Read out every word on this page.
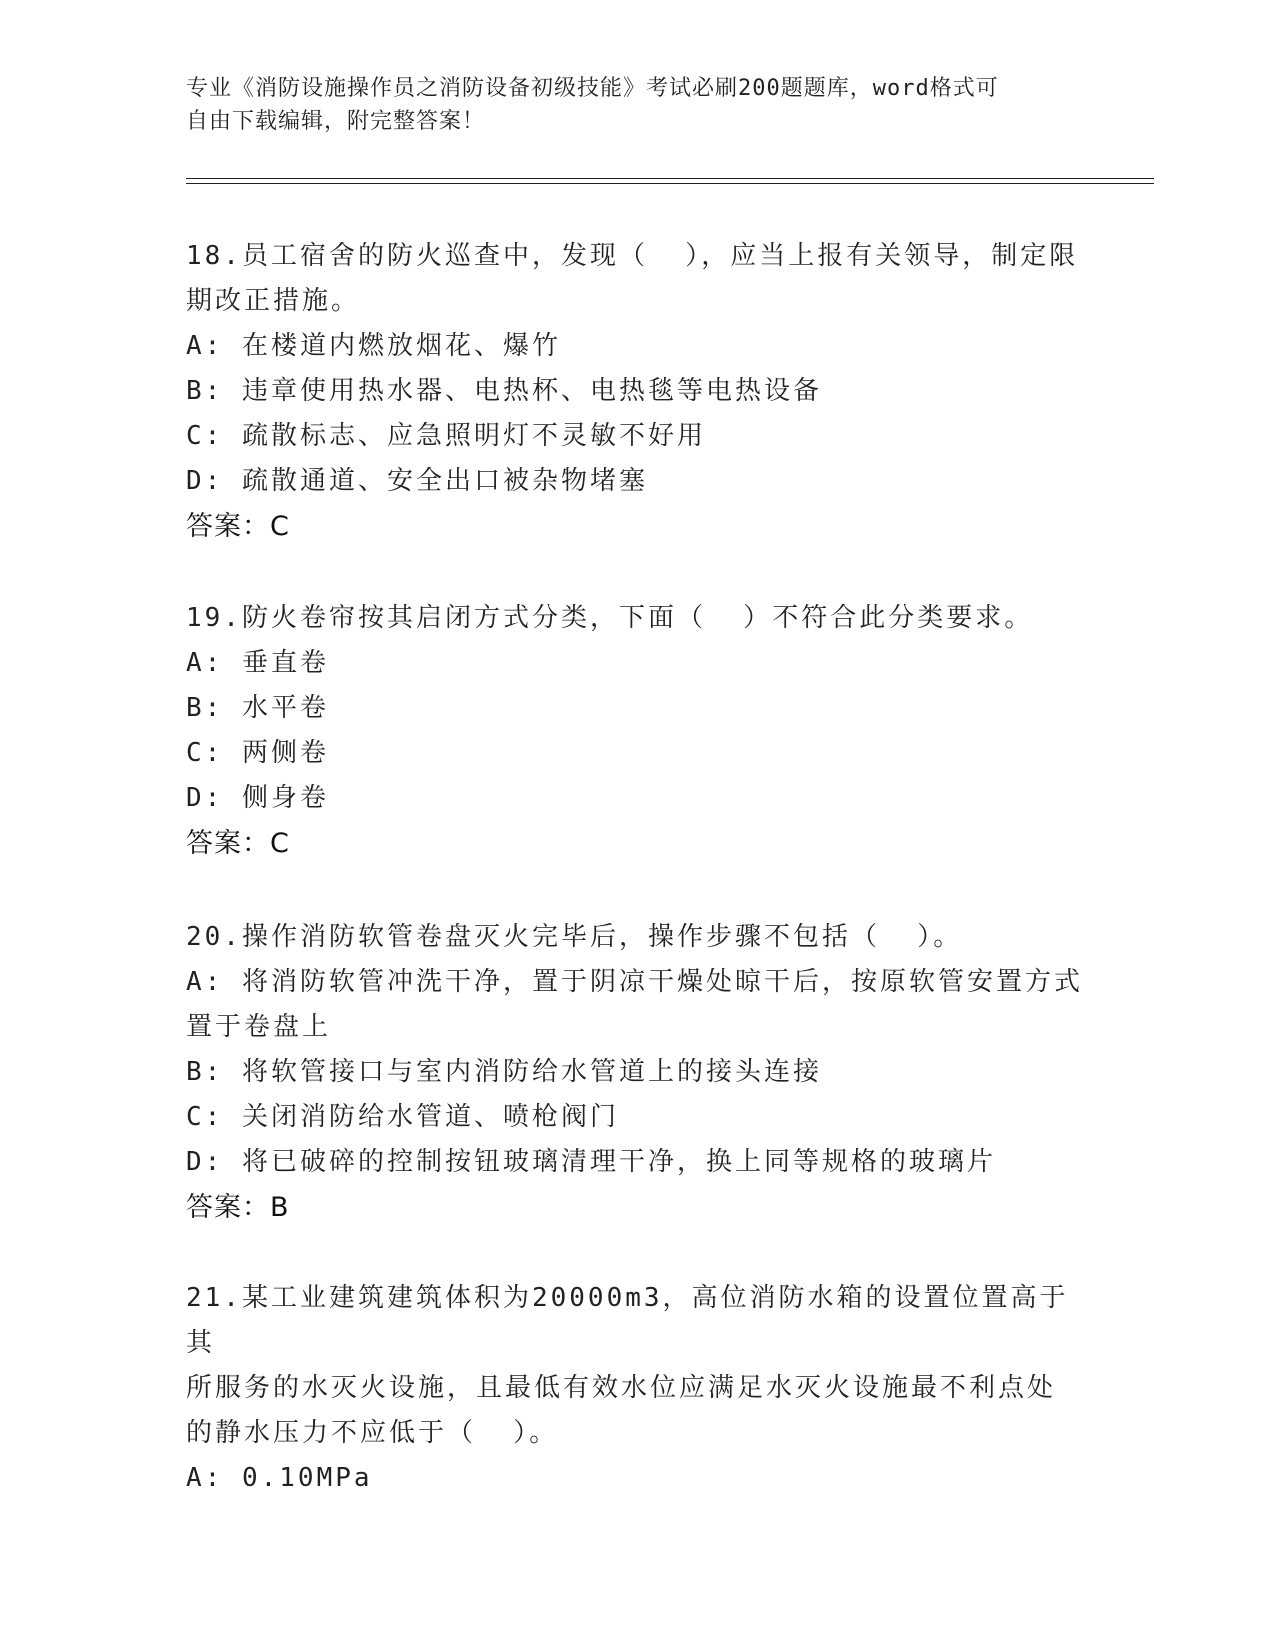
专业《消防设施操作员之消防设备初级技能》考试必刷200题题库，word格式可
自由下载编辑，附完整答案！
18.员工宿舍的防火巡查中，发现（  ），应当上报有关领导，制定限
期改正措施。
A: 在楼道内燃放烟花、爆竹
B: 违章使用热水器、电热杯、电热毯等电热设备
C: 疏散标志、应急照明灯不灵敏不好用
D: 疏散通道、安全出口被杂物堵塞
答案：C
19.防火卷帘按其启闭方式分类，下面（  ）不符合此分类要求。
A: 垂直卷
B: 水平卷
C: 两侧卷
D: 侧身卷
答案：C
20.操作消防软管卷盘灭火完毕后，操作步骤不包括（  ）。
A: 将消防软管冲洗干净，置于阴凉干燥处晾干后，按原软管安置方式
置于卷盘上
B: 将软管接口与室内消防给水管道上的接头连接
C: 关闭消防给水管道、喷枪阀门
D: 将已破碎的控制按钮玻璃清理干净，换上同等规格的玻璃片
答案：B
21.某工业建筑建筑体积为20000m3，高位消防水箱的设置位置高于其
所服务的水灭火设施，且最低有效水位应满足水灭火设施最不利点处
的静水压力不应低于（  ）。
A: 0.10MPa
